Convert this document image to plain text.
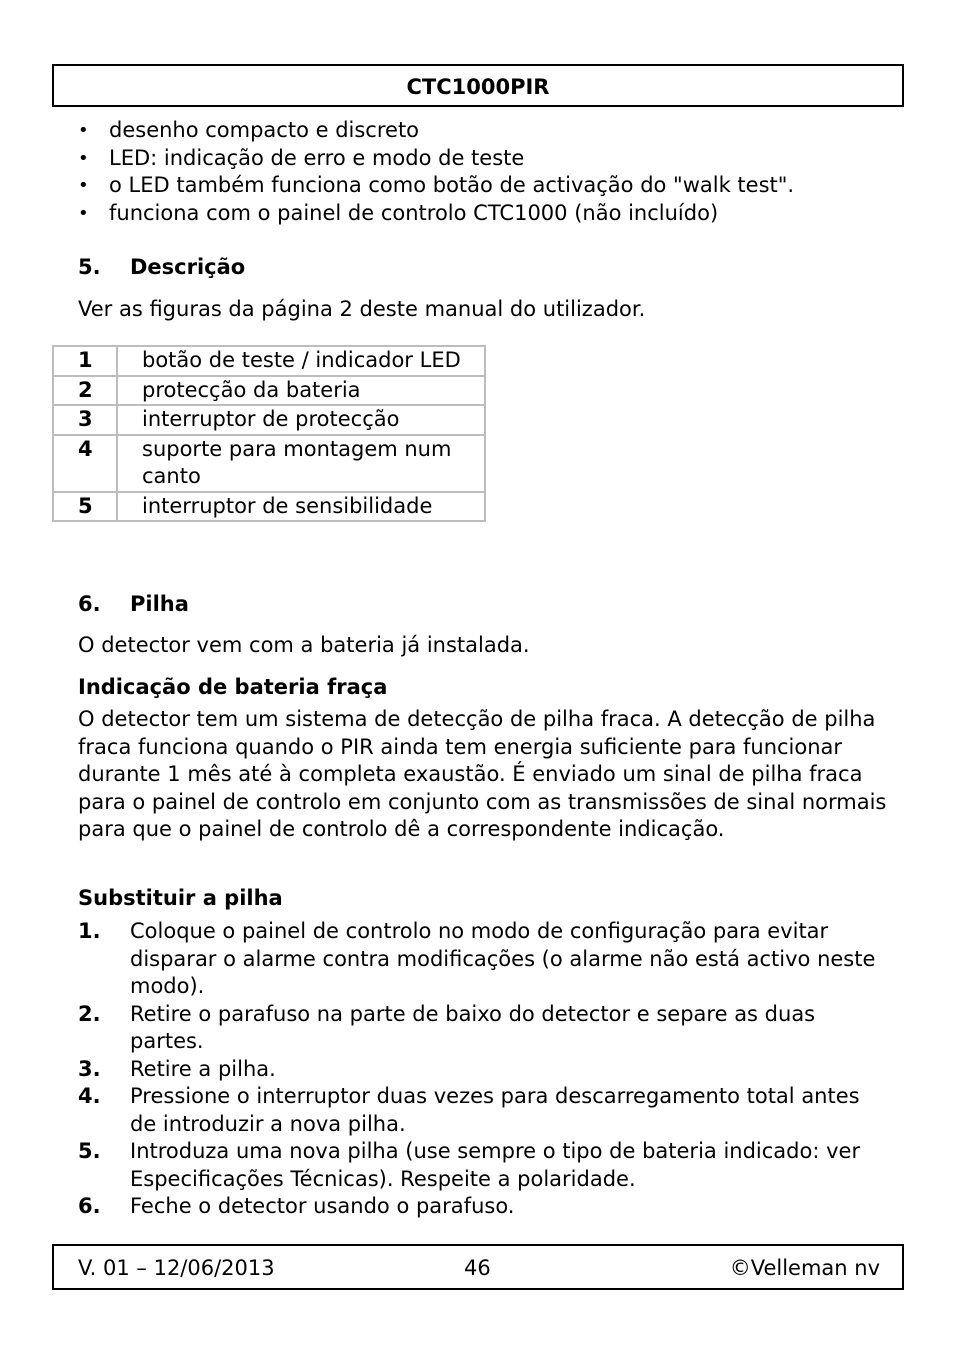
CTC1000PIR
• desenho compacto e discreto
• LED: indicação de erro e modo de teste
• o LED também funciona como botão de activação do "walk test".
• funciona com o painel de controlo CTC1000 (não incluído)
5. Descrição
Ver as figuras da página 2 deste manual do utilizador.
1	botão de teste / indicador LED
2	protecção da bateria
3	interruptor de protecção
4	suporte para montagem num canto
5	interruptor de sensibilidade
6. Pilha
O detector vem com a bateria já instalada.
Indicação de bateria fraça
O detector tem um sistema de detecção de pilha fraca. A detecção de pilha fraca funciona quando o PIR ainda tem energia suficiente para funcionar durante 1 mês até à completa exaustão. É enviado um sinal de pilha fraca para o painel de controlo em conjunto com as transmissões de sinal normais para que o painel de controlo dê a correspondente indicação.
Substituir a pilha
1. Coloque o painel de controlo no modo de configuração para evitar disparar o alarme contra modificações (o alarme não está activo neste modo).
2. Retire o parafuso na parte de baixo do detector e separe as duas partes.
3. Retire a pilha.
4. Pressione o interruptor duas vezes para descarregamento total antes de introduzir a nova pilha.
5. Introduza uma nova pilha (use sempre o tipo de bateria indicado: ver Especificações Técnicas). Respeite a polaridade.
6. Feche o detector usando o parafuso.
V. 01 – 12/06/2013	46	©Velleman nv
